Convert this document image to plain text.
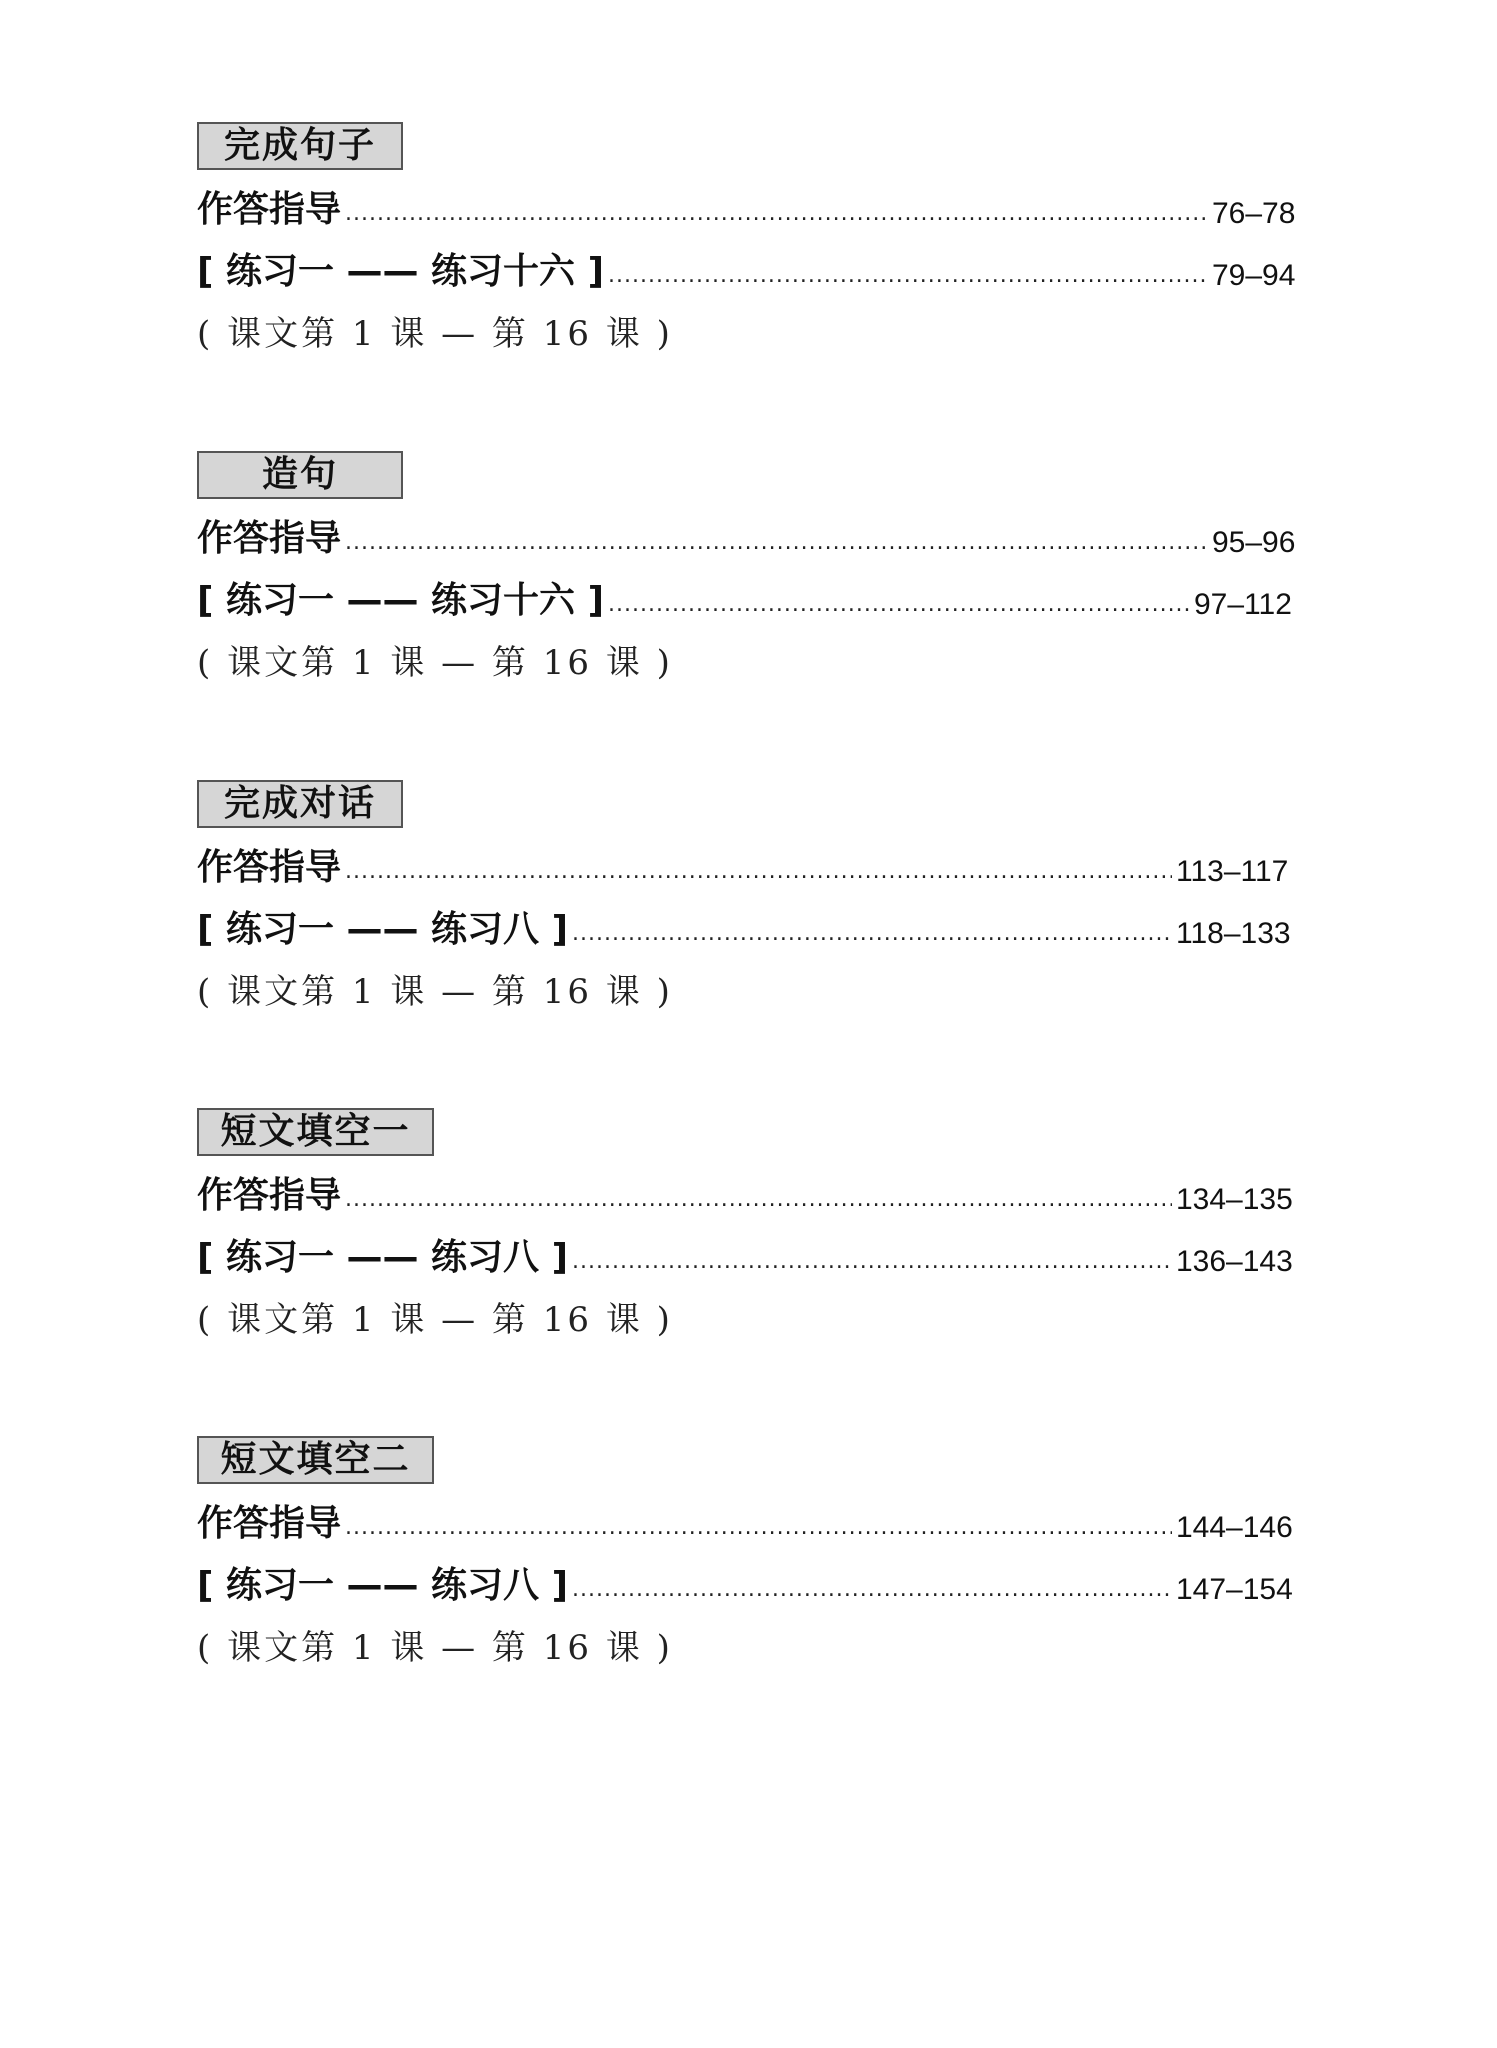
完成句子
作答指导 .....	76–78
[ 练习一 —— 练习十六 ] .....	79–94
( 课文第 1 课 — 第 16 课 )
造句
作答指导 .....	95–96
[ 练习一 —— 练习十六 ] .....	97–112
( 课文第 1 课 — 第 16 课 )
完成对话
作答指导 .....	113–117
[ 练习一 —— 练习八 ] .....	118–133
( 课文第 1 课 — 第 16 课 )
短文填空一
作答指导 .....	134–135
[ 练习一 —— 练习八 ] .....	136–143
( 课文第 1 课 — 第 16 课 )
短文填空二
作答指导 .....	144–146
[ 练习一 —— 练习八 ] .....	147–154
( 课文第 1 课 — 第 16 课 )
